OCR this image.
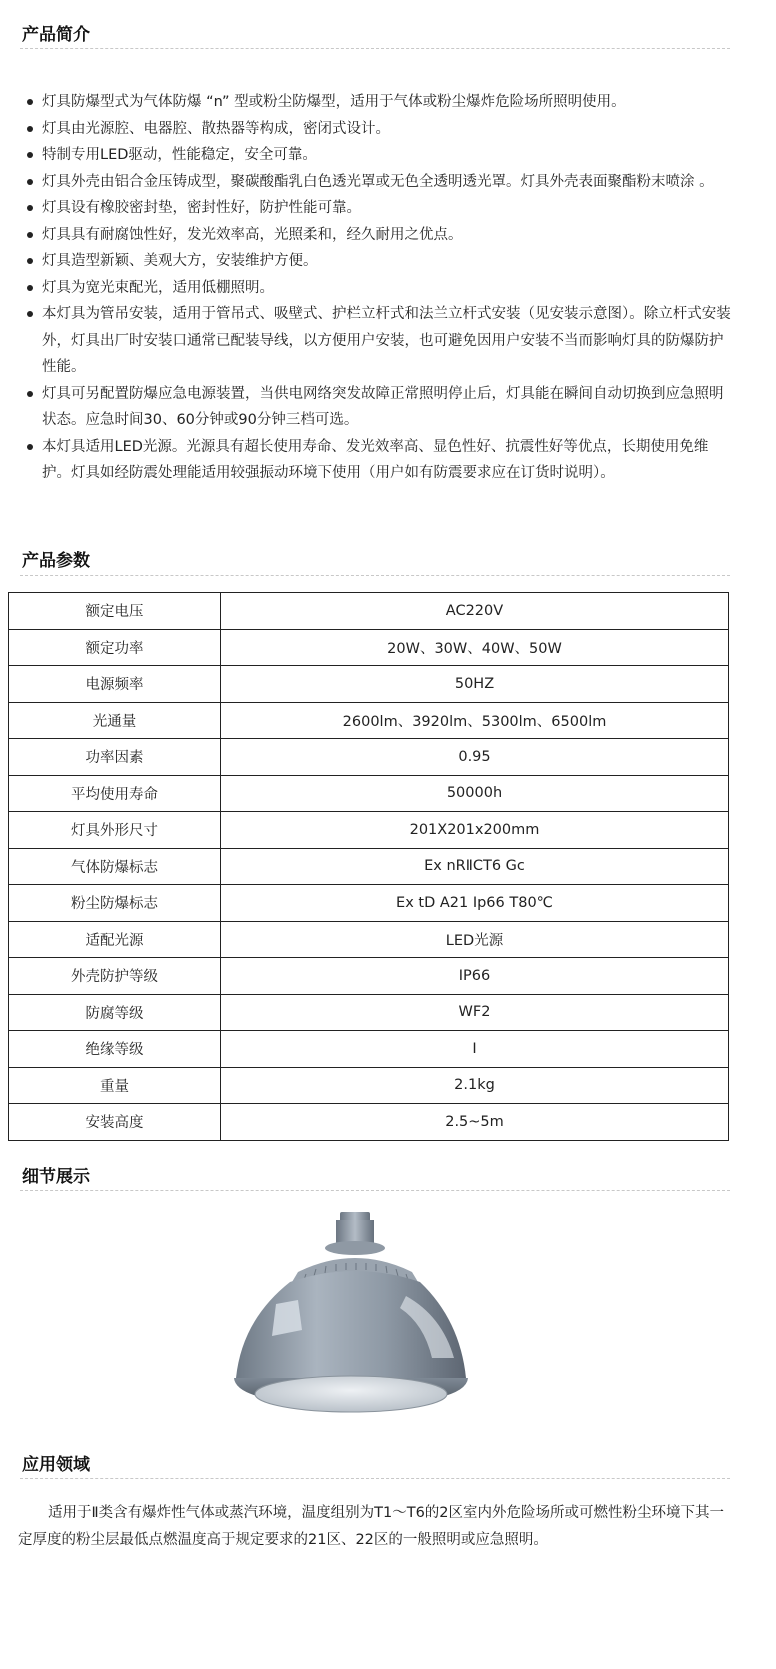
产品简介
灯具防爆型式为气体防爆 “n” 型或粉尘防爆型，适用于气体或粉尘爆炸危险场所照明使用。
灯具由光源腔、电器腔、散热器等构成，密闭式设计。
特制专用LED驱动，性能稳定，安全可靠。
灯具外壳由铝合金压铸成型，聚碳酸酯乳白色透光罩或无色全透明透光罩。灯具外壳表面聚酯粉末喷涂 。
灯具设有橡胶密封垫，密封性好，防护性能可靠。
灯具具有耐腐蚀性好，发光效率高，光照柔和，经久耐用之优点。
灯具造型新颖、美观大方，安装维护方便。
灯具为宽光束配光，适用低棚照明。
本灯具为管吊安装，适用于管吊式、吸壁式、护栏立杆式和法兰立杆式安装（见安装示意图）。除立杆式安装外，灯具出厂时安装口通常已配装导线，以方便用户安装，也可避免因用户安装不当而影响灯具的防爆防护性能。
灯具可另配置防爆应急电源装置，当供电网络突发故障正常照明停止后，灯具能在瞬间自动切换到应急照明状态。应急时间30、60分钟或90分钟三档可选。
本灯具适用LED光源。光源具有超长使用寿命、发光效率高、显色性好、抗震性好等优点，长期使用免维护。灯具如经防震处理能适用较强振动环境下使用（用户如有防震要求应在订货时说明）。
产品参数
额定电压	AC220V
额定功率	20W、30W、40W、50W
电源频率	50HZ
光通量	2600lm、3920lm、5300lm、6500lm
功率因素	0.95
平均使用寿命	50000h
灯具外形尺寸	201X201x200mm
气体防爆标志	Ex nRⅡCT6 Gc
粉尘防爆标志	Ex tD A21 Ip66 T80℃
适配光源	LED光源
外壳防护等级	IP66
防腐等级	WF2
绝缘等级	I
重量	2.1kg
安装高度	2.5~5m
细节展示
应用领域

适用于Ⅱ类含有爆炸性气体或蒸汽环境，温度组别为T1～T6的2区室内外危险场所或可燃性粉尘环境下其一定厚度的粉尘层最低点燃温度高于规定要求的21区、22区的一般照明或应急照明。
